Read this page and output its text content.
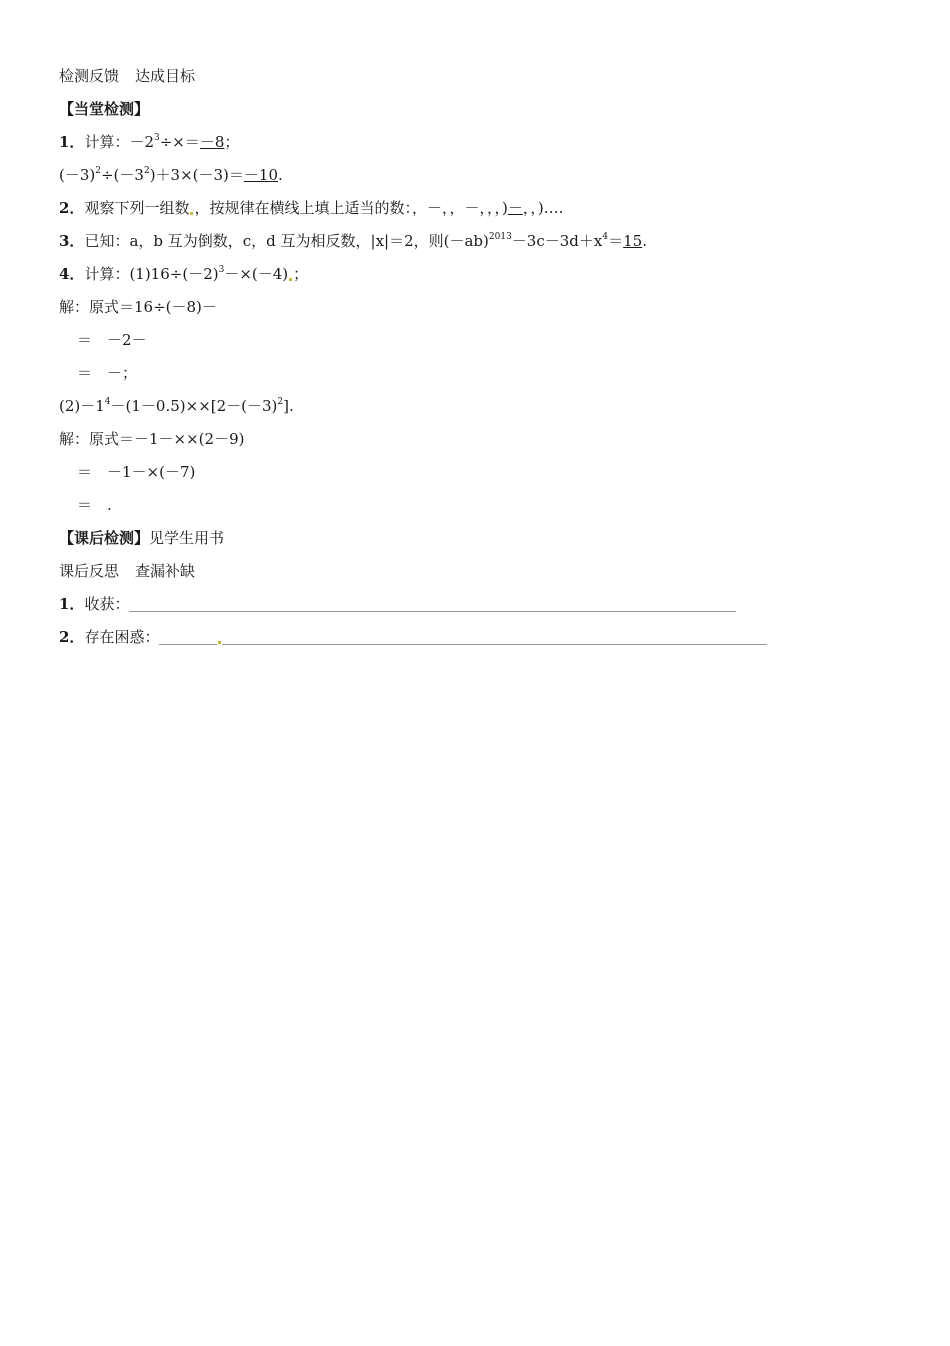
检测反馈 达成目标
【当堂检测】
1．计算：$-2^3\div\times=-8$；
$(-3)^2\div(-3^2)+3\times(-3)=-10$.
2．观察下列一组数 ，按规律在横线上填上适当的数：，－，，－，，，)－，，)….
3．已知：a，b 互为倒数，c，d 互为相反数，|x|＝2，则$(-ab)^{2013}-3c-3d+x^4=15$.
4．计算：$(1)16\div(-2)^3-\times(-4)$ ；
解：原式＝16÷(－8)－
＝　－2－
＝　－；
$(2)-1^4-(1-0.5)\times\times[2-(-3)^2]$.
解：原式＝－1－××(2－9)
＝　－1－×(－7)
＝　.
【课后检测】见学生用书
课后反思 查漏补缺
1．收获：
2．存在困惑：
